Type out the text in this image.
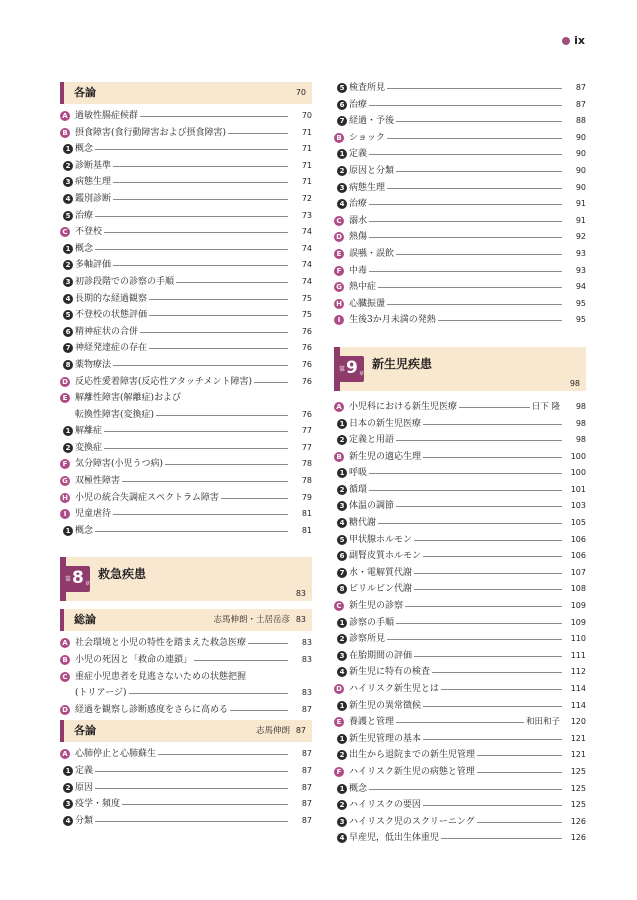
ix
各論	70
A 過敏性腸症候群	70
B 摂食障害(食行動障害および摂食障害)	71
1 概念	71
2 診断基準	71
3 病態生理	71
4 鑑別診断	72
5 治療	73
C 不登校	74
1 概念	74
2 多軸評価	74
3 初診段階での診察の手順	74
4 長期的な経過観察	75
5 不登校の状態評価	75
6 精神症状の合併	76
7 神経発達症の存在	76
8 薬物療法	76
D 反応性愛着障害(反応性アタッチメント障害)	76
E 解離性障害(解離症)および
転換性障害(変換症)	76
1 解離症	77
2 変換症	77
F 気分障害(小児うつ病)	78
G 双極性障害	78
H 小児の統合失調症スペクトラム障害	79
I 児童虐待	81
1 概念	81
第 8 章
救急疾患
83
総論	志馬伸朗・土居岳彦 83
A 社会環境と小児の特性を踏まえた救急医療	83
B 小児の死因と「救命の連鎖」	83
C 重症小児患者を見逃さないための状態把握
(トリアージ)	83
D 経過を観察し診断感度をさらに高める	87
各論	志馬伸朗 87
A 心肺停止と心肺蘇生	87
1 定義	87
2 原因	87
3 疫学・頻度	87
4 分類	87
5 検査所見	87
6 治療	87
7 経過・予後	88
B ショック	90
1 定義	90
2 原因と分類	90
3 病態生理	90
4 治療	91
C 溺水	91
D 熱傷	92
E 誤嚥・誤飲	93
F 中毒	93
G 熱中症	94
H 心臓振盪	95
I 生後3か月未満の発熱	95
第 9 章
新生児疾患
98
A 小児科における新生児医療	日下 隆	98
1 日本の新生児医療	98
2 定義と用語	98
B 新生児の適応生理	100
1 呼吸	100
2 循環	101
3 体温の調節	103
4 糖代謝	105
5 甲状腺ホルモン	106
6 副腎皮質ホルモン	106
7 水・電解質代謝	107
8 ビリルビン代謝	108
C 新生児の診察	109
1 診察の手順	109
2 診察所見	110
3 在胎期間の評価	111
4 新生児に特有の検査	112
D ハイリスク新生児とは	114
1 新生児の異常徴候	114
E 養護と管理	和田和子	120
1 新生児管理の基本	121
2 出生から退院までの新生児管理	121
F ハイリスク新生児の病態と管理	125
1 概念	125
2 ハイリスクの要因	125
3 ハイリスク児のスクリーニング	126
4 早産児，低出生体重児	126
